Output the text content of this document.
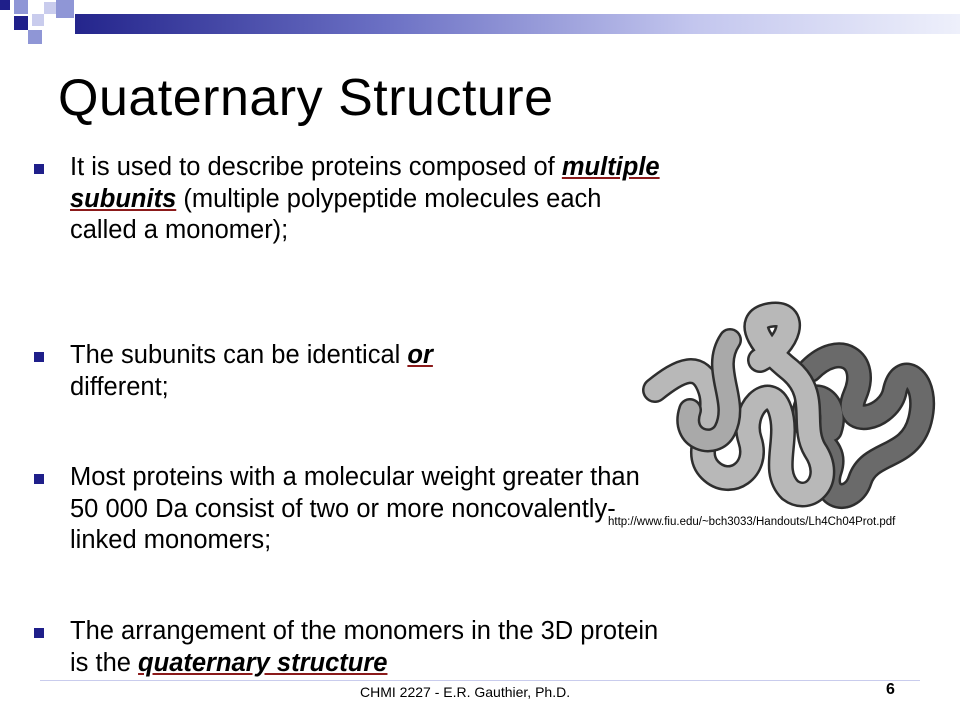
Quaternary Structure
It is used to describe proteins composed of multiple subunits (multiple polypeptide molecules each called a monomer);
The subunits can be identical or
different;
Most proteins with a molecular weight greater than 50 000 Da consist of two or more noncovalently-linked monomers;
The arrangement of the monomers in the 3D protein is the quaternary structure
http://www.fiu.edu/~bch3033/Handouts/Lh4Ch04Prot.pdf
CHMI 2227 - E.R. Gauthier, Ph.D.	6
